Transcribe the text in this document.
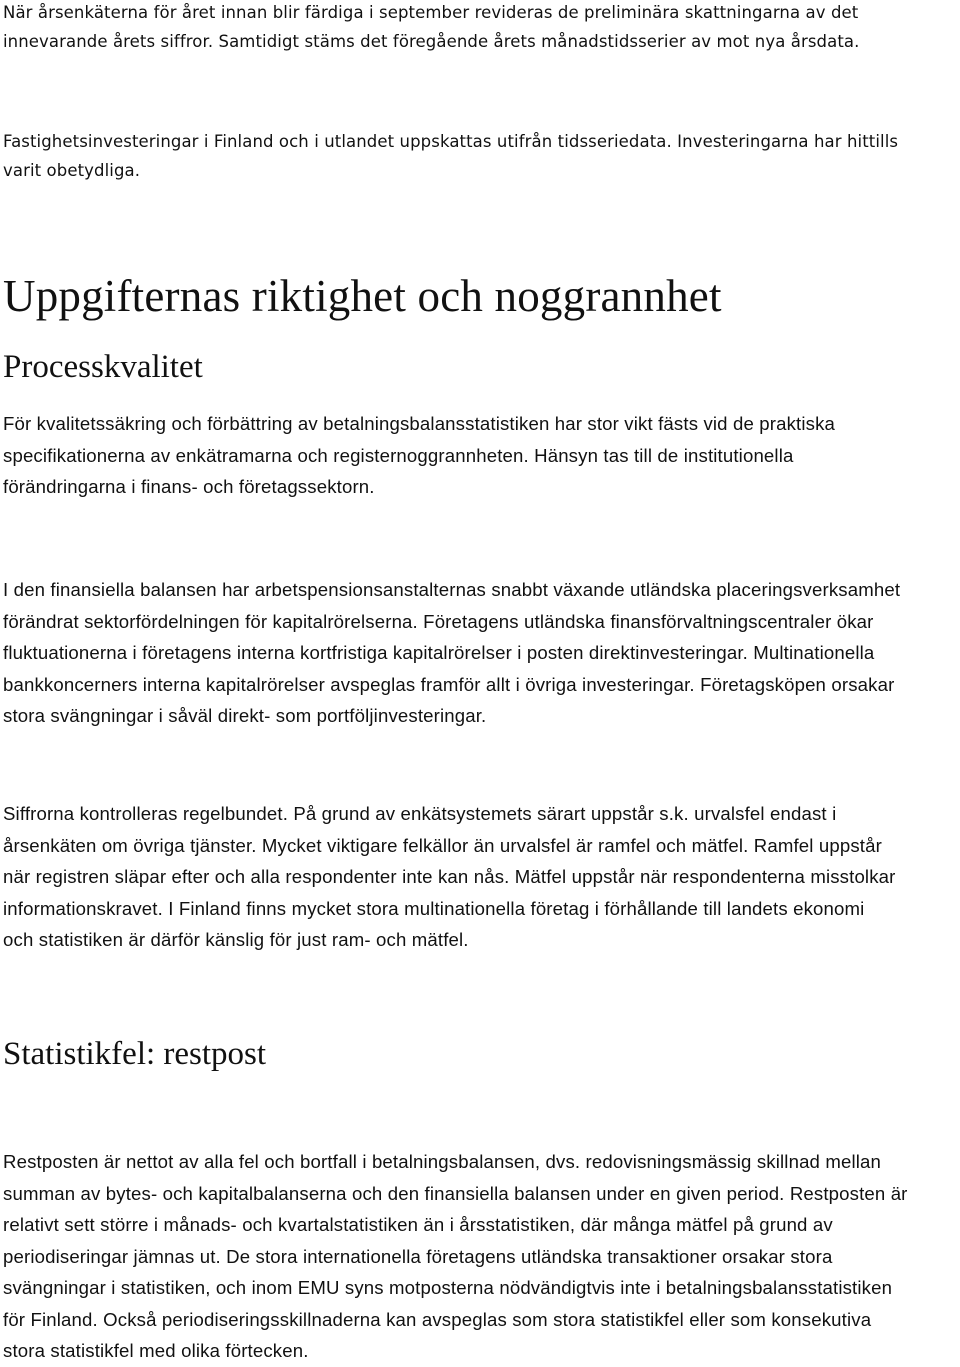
När årsenkäterna för året innan blir färdiga i september revideras de preliminära skattningarna av det
innevarande årets siffror. Samtidigt stäms det föregående årets månadstidsserier av mot nya årsdata.

Fastighetsinvesteringar i Finland och i utlandet uppskattas utifrån tidsseriedata. Investeringarna har hittills
varit obetydliga.

Uppgifternas riktighet och noggrannhet
Processkvalitet

För kvalitetssäkring och förbättring av betalningsbalansstatistiken har stor vikt fästs vid de praktiska
specifikationerna av enkätramarna och registernoggrannheten. Hänsyn tas till de institutionella
förändringarna i finans- och företagssektorn.

I den finansiella balansen har arbetspensionsanstalternas snabbt växande utländska placeringsverksamhet
förändrat sektorfördelningen för kapitalrörelserna. Företagens utländska finansförvaltningscentraler ökar
fluktuationerna i företagens interna kortfristiga kapitalrörelser i posten direktinvesteringar. Multinationella
bankkoncerners interna kapitalrörelser avspeglas framför allt i övriga investeringar. Företagsköpen orsakar
stora svängningar i såväl direkt- som portföljinvesteringar.

Siffrorna kontrolleras regelbundet. På grund av enkätsystemets särart uppstår s.k. urvalsfel endast i
årsenkäten om övriga tjänster. Mycket viktigare felkällor än urvalsfel är ramfel och mätfel. Ramfel uppstår
när registren släpar efter och alla respondenter inte kan nås. Mätfel uppstår när respondenterna misstolkar
informationskravet. I Finland finns mycket stora multinationella företag i förhållande till landets ekonomi
och statistiken är därför känslig för just ram- och mätfel.

Statistikfel: restpost

Restposten är nettot av alla fel och bortfall i betalningsbalansen, dvs. redovisningsmässig skillnad mellan
summan av bytes- och kapitalbalanserna och den finansiella balansen under en given period. Restposten är
relativt sett större i månads- och kvartalstatistiken än i årsstatistiken, där många mätfel på grund av
periodiseringar jämnas ut. De stora internationella företagens utländska transaktioner orsakar stora
svängningar i statistiken, och inom EMU syns motposterna nödvändigtvis inte i betalningsbalansstatistiken
för Finland. Också periodiseringsskillnaderna kan avspeglas som stora statistikfel eller som konsekutiva
stora statistikfel med olika förtecken.
